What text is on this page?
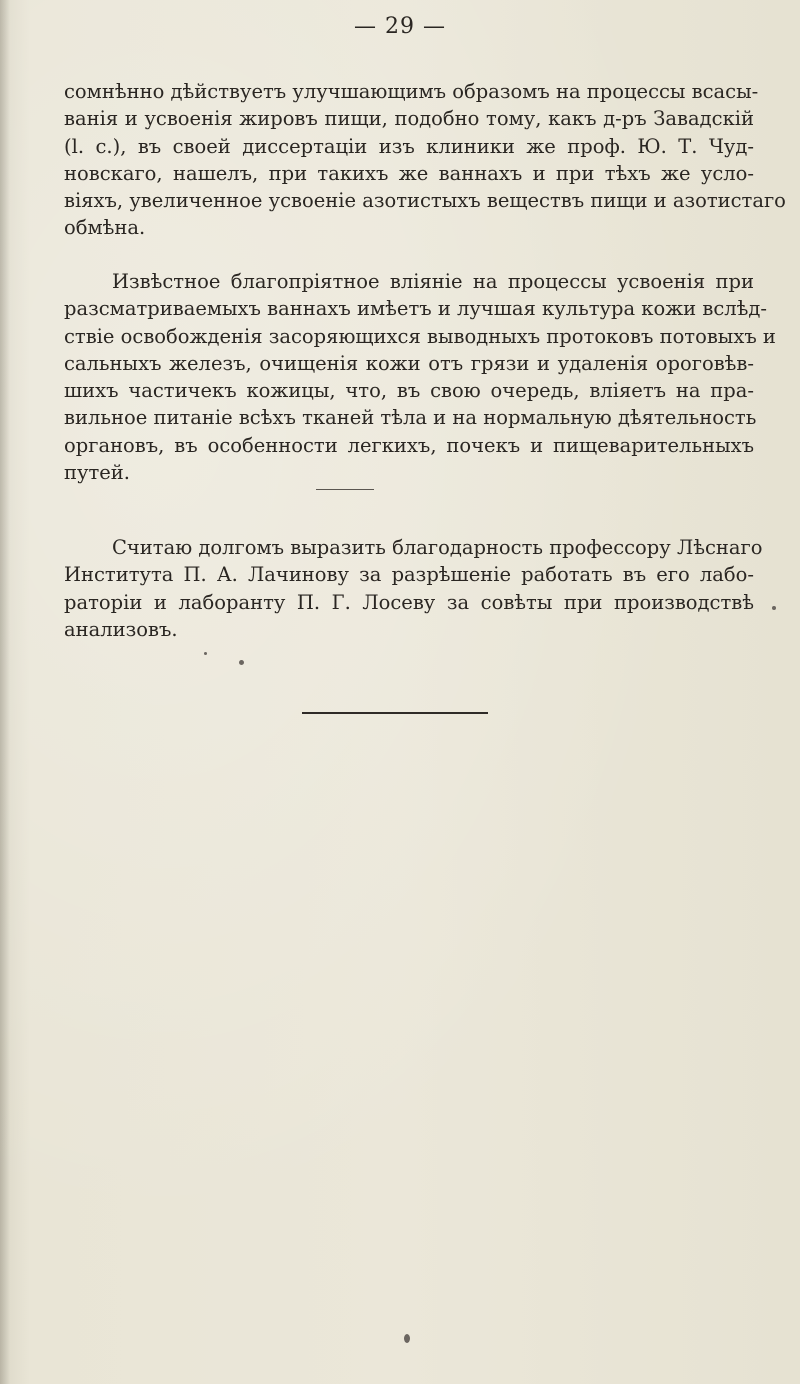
— 29 —

сомнѣнно дѣйствуетъ улучшающимъ образомъ на процессы всасы-
ванія и усвоенія жировъ пищи, подобно тому, какъ д-ръ Завадскій
(l. с.), въ своей диссертаціи изъ клиники же проф. Ю. Т. Чуд-
новскаго, нашелъ, при такихъ же ваннахъ и при тѣхъ же усло-
віяхъ, увеличенное усвоеніе азотистыхъ веществъ пищи и азотистаго
обмѣна.

Извѣстное благопріятное вліяніе на процессы усвоенія при
разсматриваемыхъ ваннахъ имѣетъ и лучшая культура кожи вслѣд-
ствіе освобожденія засоряющихся выводныхъ протоковъ потовыхъ и
сальныхъ железъ, очищенія кожи отъ грязи и удаленія ороговѣв-
шихъ частичекъ кожицы, что, въ свою очередь, вліяетъ на пра-
вильное питаніе всѣхъ тканей тѣла и на нормальную дѣятельность
органовъ, въ особенности легкихъ, почекъ и пищеварительныхъ
путей.

Считаю долгомъ выразить благодарность профессору Лѣснаго
Института П. А. Лачинову за разрѣшеніе работать въ его лабо-
раторіи и лаборанту П. Г. Лосеву за совѣты при производствѣ
анализовъ.
